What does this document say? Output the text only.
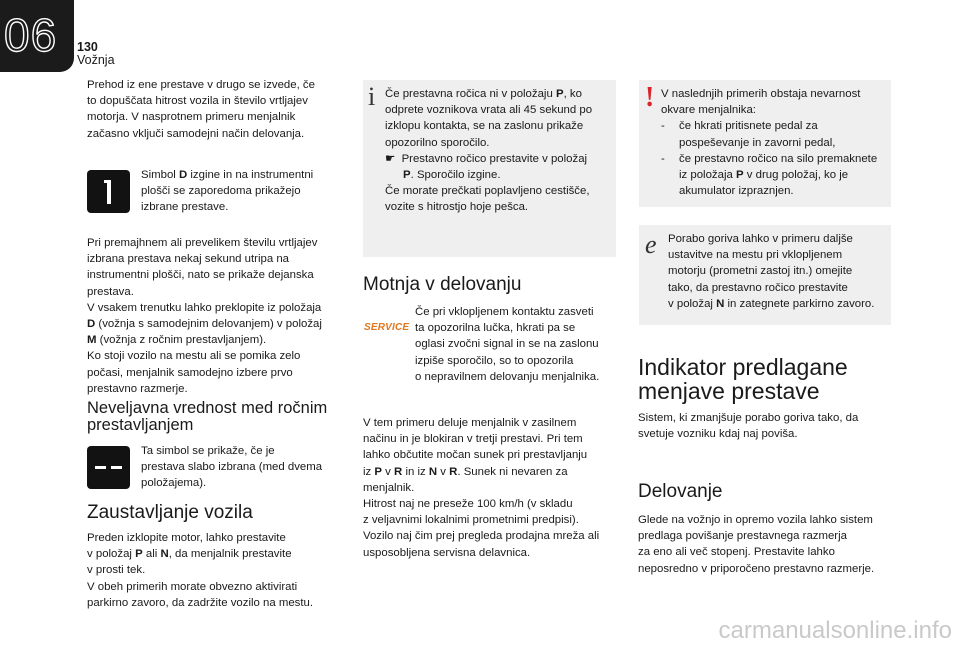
06 130
Vožnja
Prehod iz ene prestave v drugo se izvede, če
to dopuščata hitrost vozila in število vrtljajev
motorja. V nasprotnem primeru menjalnik
začasno vključi samodejni način delovanja.
Simbol D izgine in na instrumentni
plošči se zaporedoma prikažejo
izbrane prestave.
Pri premajhnem ali prevelikem številu vrtljajev
izbrana prestava nekaj sekund utripa na
instrumentni plošči, nato se prikaže dejanska
prestava.
V vsakem trenutku lahko preklopite iz položaja
D (vožnja s samodejnim delovanjem) v položaj
M (vožnja z ročnim prestavljanjem).
Ko stoji vozilo na mestu ali se pomika zelo
počasi, menjalnik samodejno izbere prvo
prestavno razmerje.
Neveljavna vrednost med ročnim
prestavljanjem
Ta simbol se prikaže, če je
prestava slabo izbrana (med dvema
položajema).
Zaustavljanje vozila
Preden izklopite motor, lahko prestavite
v položaj P ali N, da menjalnik prestavite
v prosti tek.
V obeh primerih morate obvezno aktivirati
parkirno zavoro, da zadržite vozilo na mestu.
i Če prestavna ročica ni v položaju P, ko
odprete voznikova vrata ali 45 sekund po
izklopu kontakta, se na zaslonu prikaže
opozorilno sporočilo.
☛ Prestavno ročico prestavite v položaj
P. Sporočilo izgine.
Če morate prečkati poplavljeno cestišče,
vozite s hitrostjo hoje pešca.
Motnja v delovanju
SERVICE
Če pri vklopljenem kontaktu zasveti
ta opozorilna lučka, hkrati pa se
oglasi zvočni signal in se na zaslonu
izpiše sporočilo, so to opozorila
o nepravilnem delovanju menjalnika.
V tem primeru deluje menjalnik v zasilnem
načinu in je blokiran v tretji prestavi. Pri tem
lahko občutite močan sunek pri prestavljanju
iz P v R in iz N v R. Sunek ni nevaren za
menjalnik.
Hitrost naj ne preseže 100 km/h (v skladu
z veljavnimi lokalnimi prometnimi predpisi).
Vozilo naj čim prej pregleda prodajna mreža ali
usposobljena servisna delavnica.
! V naslednjih primerih obstaja nevarnost
okvare menjalnika:
- če hkrati pritisnete pedal za
pospeševanje in zavorni pedal,
- če prestavno ročico na silo premaknete
iz položaja P v drug položaj, ko je
akumulator izpraznjen.
e Porabo goriva lahko v primeru daljše
ustavitve na mestu pri vklopljenem
motorju (prometni zastoj itn.) omejite
tako, da prestavno ročico prestavite
v položaj N in zategnete parkirno zavoro.
Indikator predlagane
menjave prestave
Sistem, ki zmanjšuje porabo goriva tako, da
svetuje vozniku kdaj naj poviša.
Delovanje
Glede na vožnjo in opremo vozila lahko sistem
predlaga povišanje prestavnega razmerja
za eno ali več stopenj. Prestavite lahko
neposredno v priporočeno prestavno razmerje.
carmanualsonline.info
